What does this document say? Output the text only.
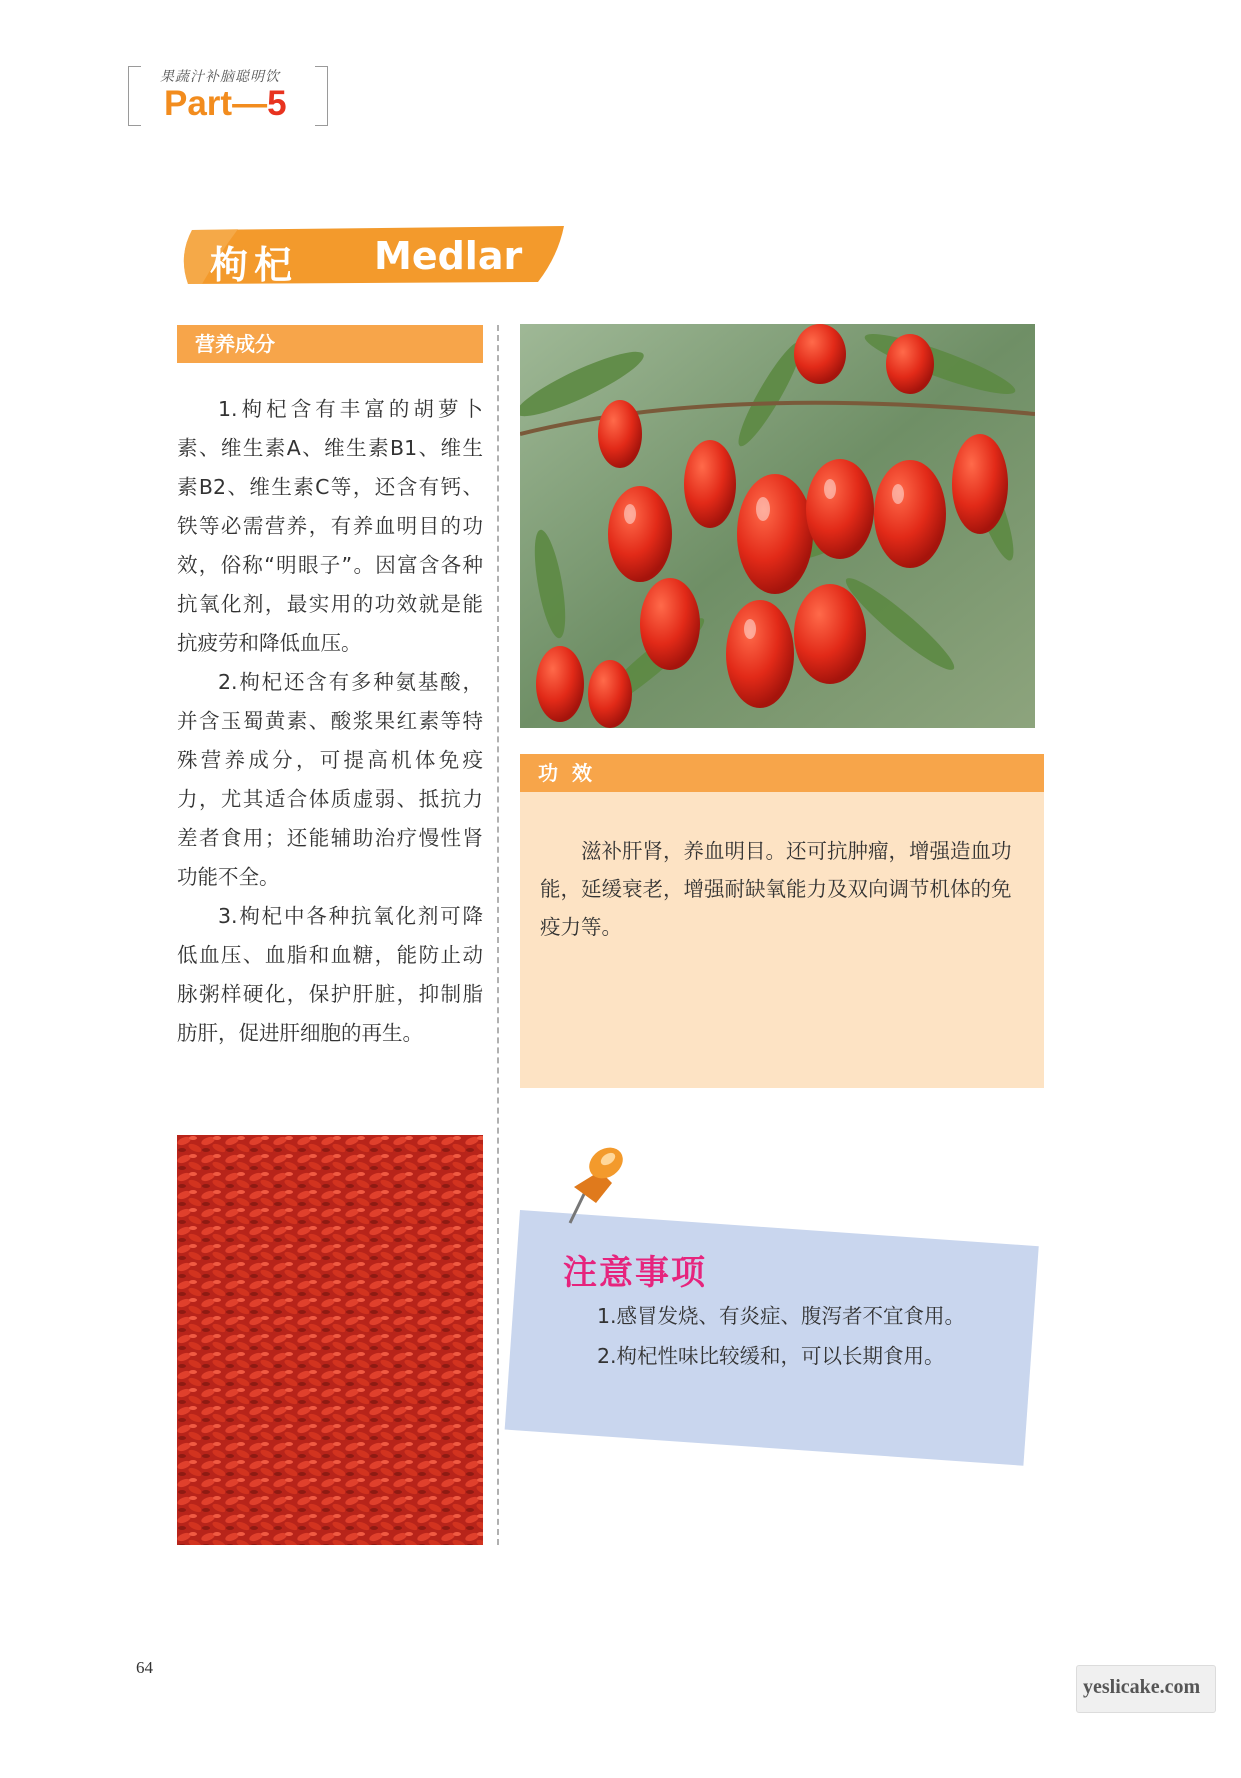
果蔬汁补脑聪明饮
Part—5
枸杞 Medlar
营养成分

1.枸杞含有丰富的胡萝卜素、维生素A、维生素B1、维生素B2、维生素C等，还含有钙、铁等必需营养，有养血明目的功效，俗称“明眼子”。因富含各种抗氧化剂，最实用的功效就是能抗疲劳和降低血压。

2.枸杞还含有多种氨基酸，并含玉蜀黄素、酸浆果红素等特殊营养成分，可提高机体免疫力，尤其适合体质虚弱、抵抗力差者食用；还能辅助治疗慢性肾功能不全。

3.枸杞中各种抗氧化剂可降低血压、血脂和血糖，能防止动脉粥样硬化，保护肝脏，抑制脂肪肝，促进肝细胞的再生。

功效

滋补肝肾，养血明目。还可抗肿瘤，增强造血功能，延缓衰老，增强耐缺氧能力及双向调节机体的免疫力等。

注意事项
1.感冒发烧、有炎症、腹泻者不宜食用。
2.枸杞性味比较缓和，可以长期食用。
64
yeslicake.com
